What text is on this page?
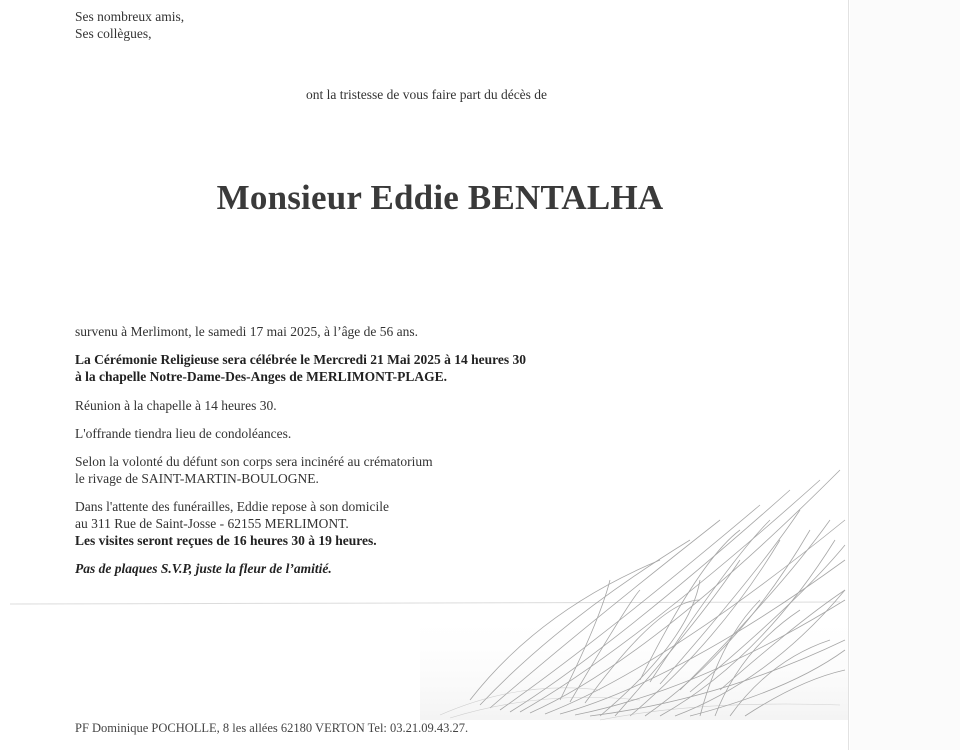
Ses nombreux amis,
Ses collègues,
ont la tristesse de vous faire part du décès de
Monsieur Eddie BENTALHA
survenu à Merlimont, le samedi 17 mai 2025, à l’âge de 56 ans.
La Cérémonie Religieuse sera célébrée le Mercredi 21 Mai 2025 à 14 heures 30
à la chapelle Notre-Dame-Des-Anges de MERLIMONT-PLAGE.
Réunion à la chapelle à 14 heures 30.
L'offrande tiendra lieu de condoléances.
Selon la volonté du défunt son corps sera incinéré au crématorium
le rivage de SAINT-MARTIN-BOULOGNE.
Dans l'attente des funérailles, Eddie repose à son domicile
au 311 Rue de Saint-Josse - 62155 MERLIMONT.
Les visites seront reçues de 16 heures 30 à 19 heures.
Pas de plaques S.V.P, juste la fleur de l’amitié.
PF Dominique POCHOLLE, 8 les allées 62180 VERTON Tel: 03.21.09.43.27.
